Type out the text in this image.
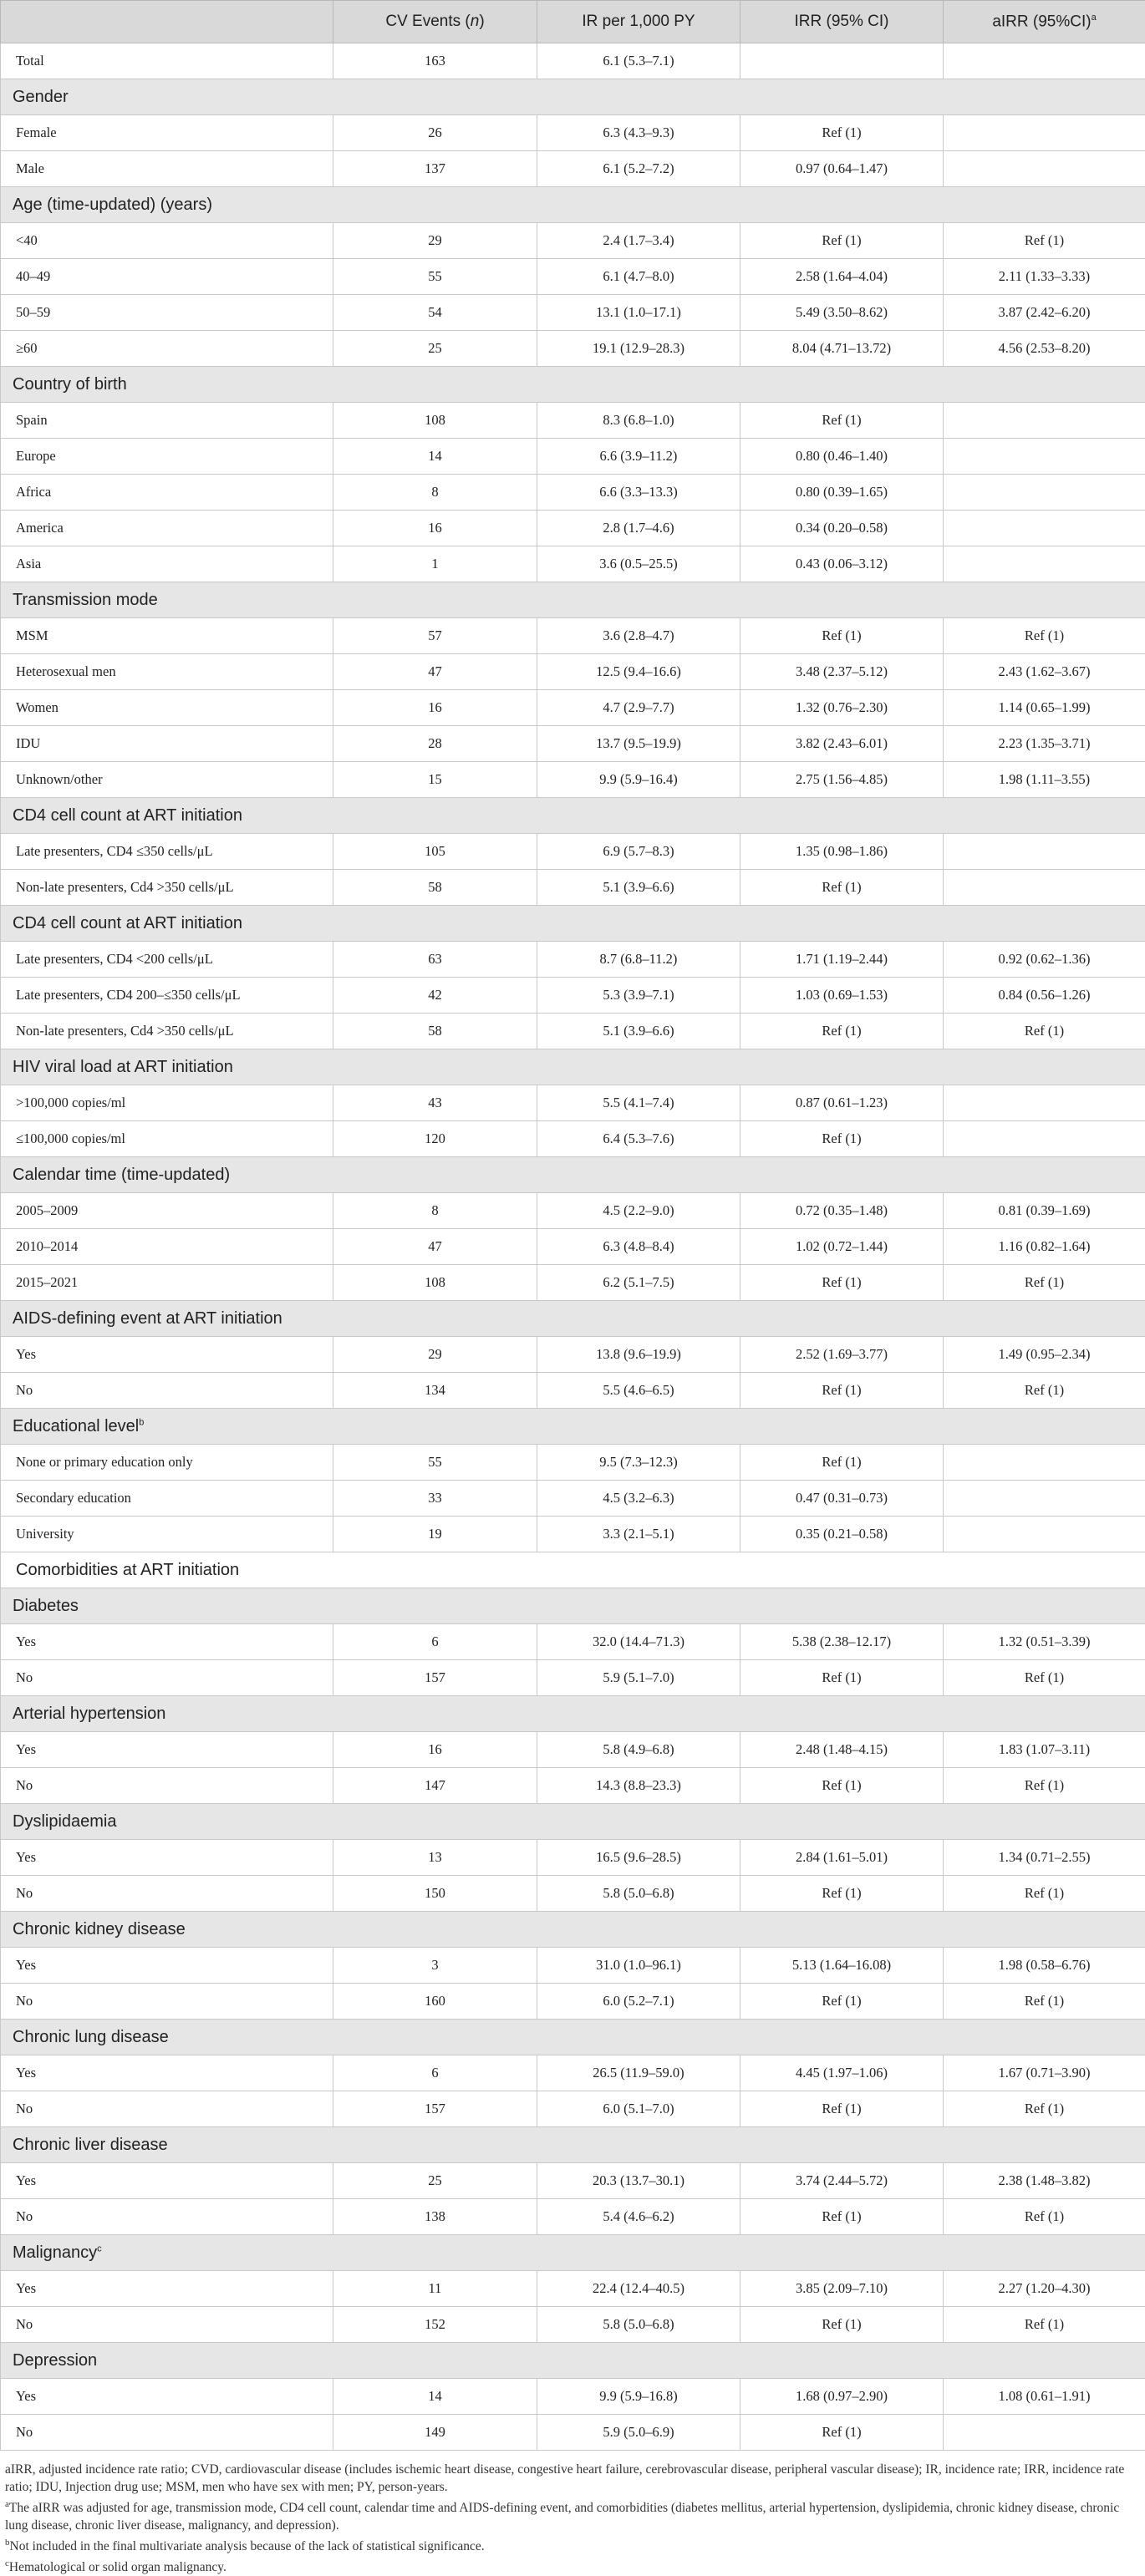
	CV Events (n)	IR per 1,000 PY	IRR (95% CI)	aIRR $(95\%CI)^a$
Total	163	6.1 (5.3–7.1)		
Gender				
Female	26	6.3 (4.3–9.3)	Ref (1)	
Male	137	6.1 (5.2–7.2)	0.97 (0.64–1.47)	
Age (time-updated) (years)				
<40	29	2.4 (1.7–3.4)	Ref (1)	Ref (1)
40–49	55	6.1 (4.7–8.0)	2.58 (1.64–4.04)	2.11 (1.33–3.33)
50–59	54	13.1 (1.0–17.1)	5.49 (3.50–8.62)	3.87 (2.42–6.20)
≥60	25	19.1 (12.9–28.3)	8.04 (4.71–13.72)	4.56 (2.53–8.20)
Country of birth				
Spain	108	8.3 (6.8–1.0)	Ref (1)	
Europe	14	6.6 (3.9–11.2)	0.80 (0.46–1.40)	
Africa	8	6.6 (3.3–13.3)	0.80 (0.39–1.65)	
America	16	2.8 (1.7–4.6)	0.34 (0.20–0.58)	
Asia	1	3.6 (0.5–25.5)	0.43 (0.06–3.12)	
Transmission mode				
MSM	57	3.6 (2.8–4.7)	Ref (1)	Ref (1)
Heterosexual men	47	12.5 (9.4–16.6)	3.48 (2.37–5.12)	2.43 (1.62–3.67)
Women	16	4.7 (2.9–7.7)	1.32 (0.76–2.30)	1.14 (0.65–1.99)
IDU	28	13.7 (9.5–19.9)	3.82 (2.43–6.01)	2.23 (1.35–3.71)
Unknown/other	15	9.9 (5.9–16.4)	2.75 (1.56–4.85)	1.98 (1.11–3.55)
CD4 cell count at ART initiation				
Late presenters, CD4 ≤350 cells/μL	105	6.9 (5.7–8.3)	1.35 (0.98–1.86)	
Non-late presenters, Cd4 >350 cells/μL	58	5.1 (3.9–6.6)	Ref (1)	
CD4 cell count at ART initiation				
Late presenters, CD4 <200 cells/μL	63	8.7 (6.8–11.2)	1.71 (1.19–2.44)	0.92 (0.62–1.36)
Late presenters, CD4 200–≤350 cells/μL	42	5.3 (3.9–7.1)	1.03 (0.69–1.53)	0.84 (0.56–1.26)
Non-late presenters, Cd4 >350 cells/μL	58	5.1 (3.9–6.6)	Ref (1)	Ref (1)
HIV viral load at ART initiation				
>100,000 copies/ml	43	5.5 (4.1–7.4)	0.87 (0.61–1.23)	
≤100,000 copies/ml	120	6.4 (5.3–7.6)	Ref (1)	
Calendar time (time-updated)				
2005–2009	8	4.5 (2.2–9.0)	0.72 (0.35–1.48)	0.81 (0.39–1.69)
2010–2014	47	6.3 (4.8–8.4)	1.02 (0.72–1.44)	1.16 (0.82–1.64)
2015–2021	108	6.2 (5.1–7.5)	Ref (1)	Ref (1)
AIDS-defining event at ART initiation				
Yes	29	13.8 (9.6–19.9)	2.52 (1.69–3.77)	1.49 (0.95–2.34)
No	134	5.5 (4.6–6.5)	Ref (1)	Ref (1)
Educational level$^b$
None or primary education only	55	9.5 (7.3–12.3)	Ref (1)	
Secondary education	33	4.5 (3.2–6.3)	0.47 (0.31–0.73)	
University	19	3.3 (2.1–5.1)	0.35 (0.21–0.58)	
Comorbidities at ART initiation				
Diabetes				
Yes	6	32.0 (14.4–71.3)	5.38 (2.38–12.17)	1.32 (0.51–3.39)
No	157	5.9 (5.1–7.0)	Ref (1)	Ref (1)
Arterial hypertension				
Yes	16	5.8 (4.9–6.8)	2.48 (1.48–4.15)	1.83 (1.07–3.11)
No	147	14.3 (8.8–23.3)	Ref (1)	Ref (1)
Dyslipidaemia				
Yes	13	16.5 (9.6–28.5)	2.84 (1.61–5.01)	1.34 (0.71–2.55)
No	150	5.8 (5.0–6.8)	Ref (1)	Ref (1)
Chronic kidney disease				
Yes	3	31.0 (1.0–96.1)	5.13 (1.64–16.08)	1.98 (0.58–6.76)
No	160	6.0 (5.2–7.1)	Ref (1)	Ref (1)
Chronic lung disease				
Yes	6	26.5 (11.9–59.0)	4.45 (1.97–1.06)	1.67 (0.71–3.90)
No	157	6.0 (5.1–7.0)	Ref (1)	Ref (1)
Chronic liver disease				
Yes	25	20.3 (13.7–30.1)	3.74 (2.44–5.72)	2.38 (1.48–3.82)
No	138	5.4 (4.6–6.2)	Ref (1)	Ref (1)
Malignancy$^c$
Yes	11	22.4 (12.4–40.5)	3.85 (2.09–7.10)	2.27 (1.20–4.30)
No	152	5.8 (5.0–6.8)	Ref (1)	Ref (1)
Depression				
Yes	14	9.9 (5.9–16.8)	1.68 (0.97–2.90)	1.08 (0.61–1.91)
No	149	5.9 (5.0–6.9)	Ref (1)	

aIRR, adjusted incidence rate ratio; CVD, cardiovascular disease (includes ischemic heart disease, congestive heart failure, cerebrovascular disease, peripheral vascular disease); IR, incidence rate; IRR, incidence rate ratio; IDU, Injection drug use; MSM, men who have sex with men; PY, person-years.

$^a$The aIRR was adjusted for age, transmission mode, CD4 cell count, calendar time and AIDS-defining event, and comorbidities (diabetes mellitus, arterial hypertension, dyslipidemia, chronic kidney disease, chronic lung disease, chronic liver disease, malignancy, and depression).

$^b$Not included in the final multivariate analysis because of the lack of statistical significance.

$^c$Hematological or solid organ malignancy.
